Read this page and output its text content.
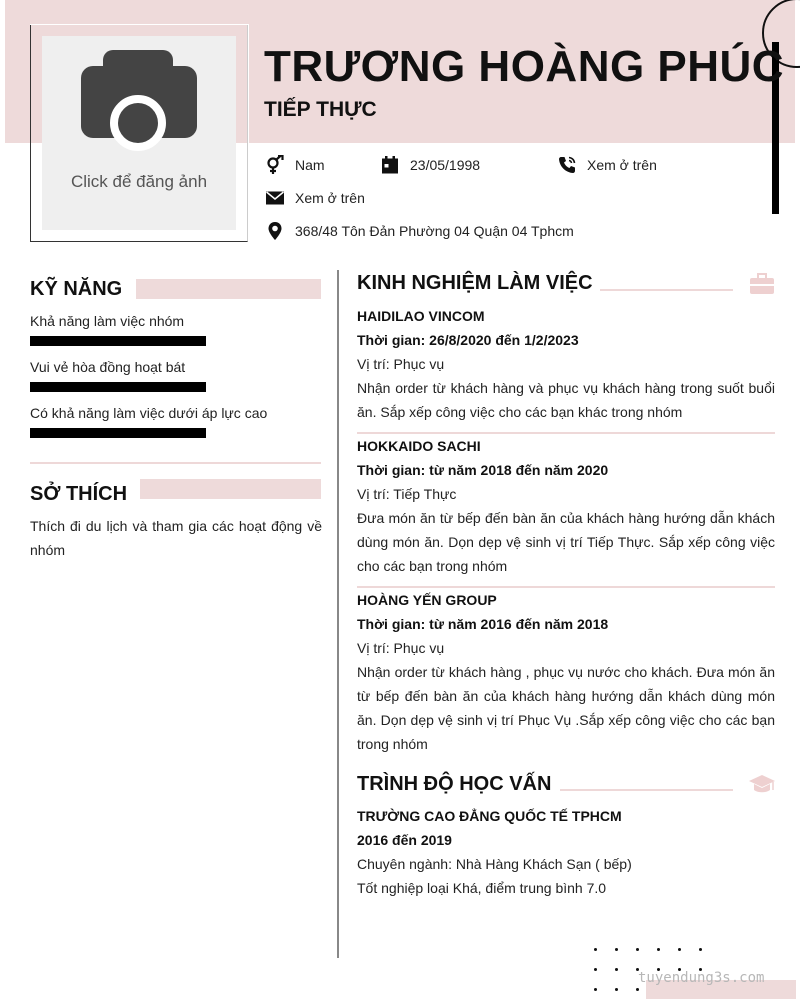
Click để đăng ảnh
TRƯƠNG HOÀNG PHÚC
TIẾP THỰC
Nam	23/05/1998	Xem ở trên
Xem ở trên
368/48 Tôn Đản Phường 04 Quận 04 Tphcm
KỸ NĂNG
Khả năng làm việc nhóm
Vui vẻ hòa đồng hoạt bát
Có khả năng làm việc dưới áp lực cao
SỞ THÍCH
Thích đi du lịch và tham gia các hoạt động về nhóm
KINH NGHIỆM LÀM VIỆC
HAIDILAO VINCOM
Thời gian: 26/8/2020 đến 1/2/2023
Vị trí: Phục vụ
Nhận order từ khách hàng và phục vụ khách hàng trong suốt buổi ăn. Sắp xếp công việc cho các bạn khác trong nhóm
HOKKAIDO SACHI
Thời gian: từ năm 2018 đến năm 2020
Vị trí: Tiếp Thực
Đưa món ăn từ bếp đến bàn ăn của khách hàng hướng dẫn khách dùng món ăn. Dọn dẹp vệ sinh vị trí Tiếp Thực. Sắp xếp công việc cho các bạn trong nhóm
HOÀNG YẾN GROUP
Thời gian: từ năm 2016 đến năm 2018
Vị trí: Phục vụ
Nhận order từ khách hàng , phục vụ nước cho khách. Đưa món ăn từ bếp đến bàn ăn của khách hàng hướng dẫn khách dùng món ăn. Dọn dẹp vệ sinh vị trí Phục Vụ .Sắp xếp công việc cho các bạn trong nhóm
TRÌNH ĐỘ HỌC VẤN
TRƯỜNG CAO ĐẲNG QUỐC TẾ TPHCM
2016 đến 2019
Chuyên ngành: Nhà Hàng Khách Sạn ( bếp)
Tốt nghiệp loại Khá, điểm trung bình 7.0
tuyendung3s.com
